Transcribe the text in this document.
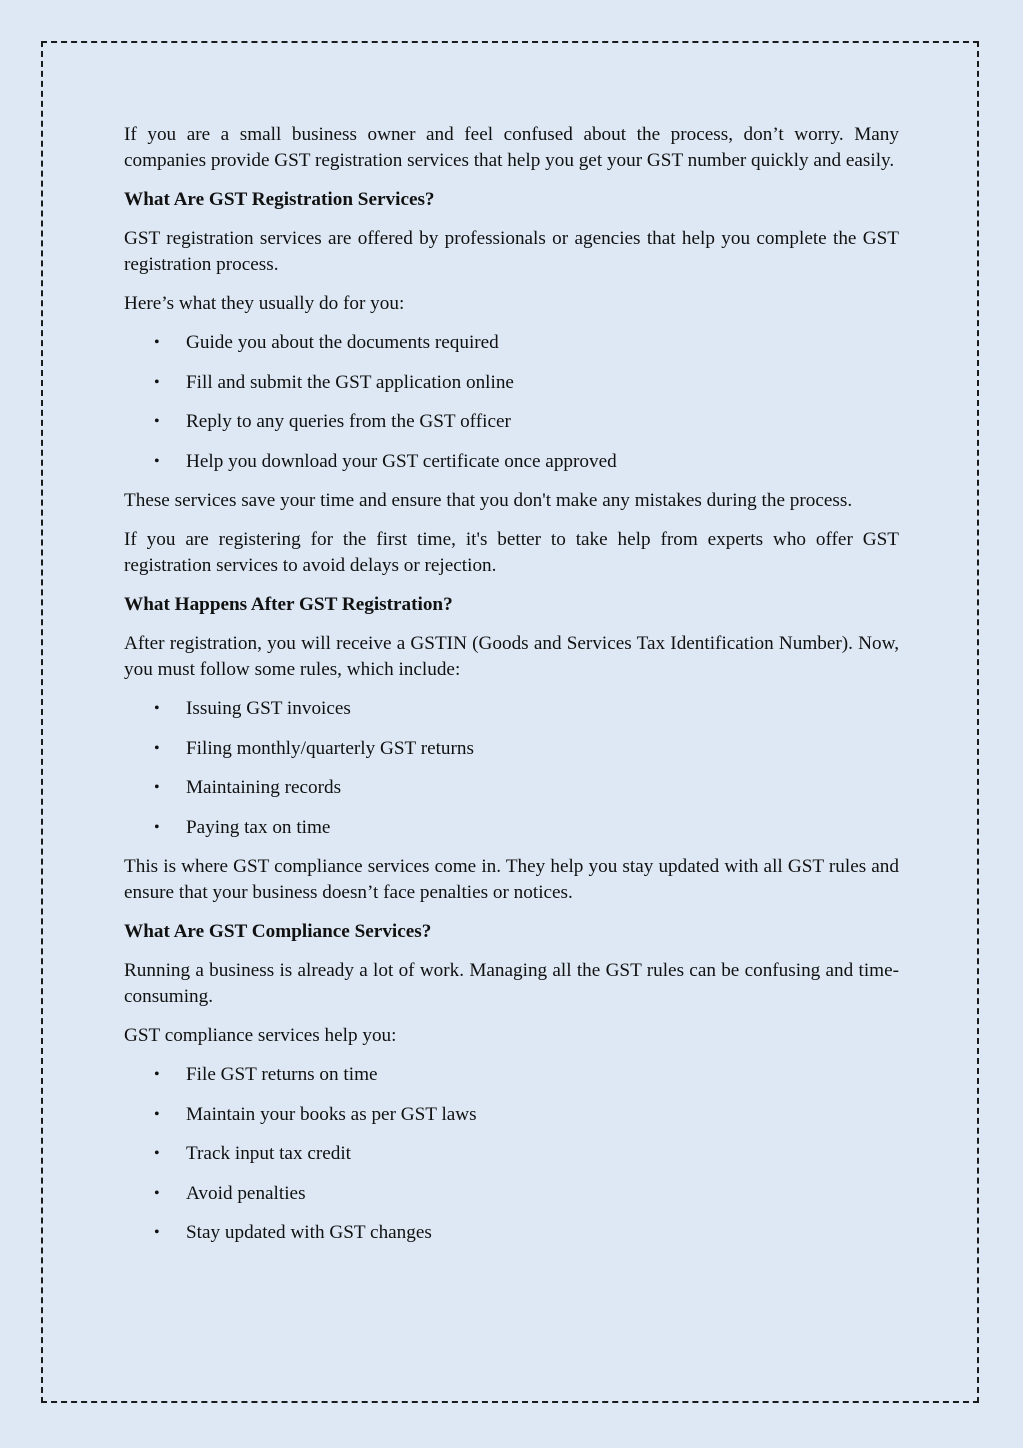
If you are a small business owner and feel confused about the process, don’t worry. Many companies provide GST registration services that help you get your GST number quickly and easily.

What Are GST Registration Services?

GST registration services are offered by professionals or agencies that help you complete the GST registration process.

Here’s what they usually do for you:

• Guide you about the documents required
• Fill and submit the GST application online
• Reply to any queries from the GST officer
• Help you download your GST certificate once approved

These services save your time and ensure that you don't make any mistakes during the process.

If you are registering for the first time, it's better to take help from experts who offer GST registration services to avoid delays or rejection.

What Happens After GST Registration?

After registration, you will receive a GSTIN (Goods and Services Tax Identification Number). Now, you must follow some rules, which include:

• Issuing GST invoices
• Filing monthly/quarterly GST returns
• Maintaining records
• Paying tax on time

This is where GST compliance services come in. They help you stay updated with all GST rules and ensure that your business doesn’t face penalties or notices.

What Are GST Compliance Services?

Running a business is already a lot of work. Managing all the GST rules can be confusing and time-consuming.

GST compliance services help you:

• File GST returns on time
• Maintain your books as per GST laws
• Track input tax credit
• Avoid penalties
• Stay updated with GST changes
